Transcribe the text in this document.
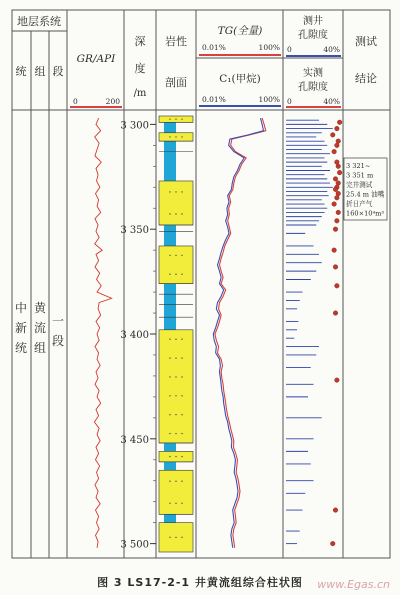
地层系统
统 组 段
GR/API
0	200
深
度
/m
岩性
剖面
TG(全量)
0.01%	100%
C₁(甲烷)
0.01%	100%
测井
孔隙度
0	40%
实测
孔隙度
0	40%
测试
结论
中
新
统
黄
流
组
一
段
3 300
3 350
3 400
3 450
3 500
3 321~
3 351 m
完井测试
25.4 m 油嘴
折日产气
160×10⁴m³
图 3 LS17-2-1 井黄流组综合柱状图	www.Egas.cn
